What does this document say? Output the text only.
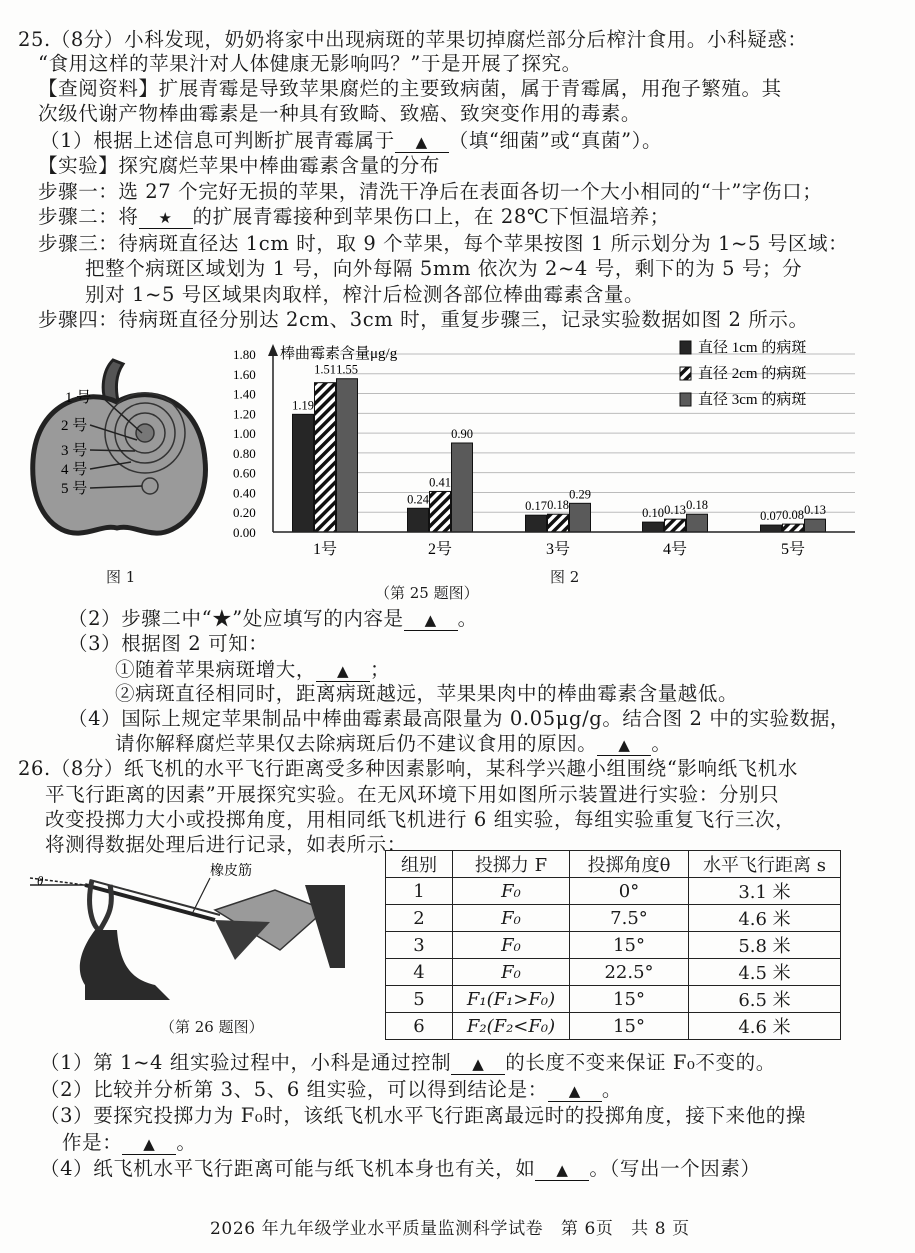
25.（8分）小科发现，奶奶将家中出现病斑的苹果切掉腐烂部分后榨汁食用。小科疑惑：
“食用这样的苹果汁对人体健康无影响吗？”于是开展了探究。
【查阅资料】扩展青霉是导致苹果腐烂的主要致病菌，属于青霉属，用孢子繁殖。其
次级代谢产物棒曲霉素是一种具有致畸、致癌、致突变作用的毒素。
（1）根据上述信息可判断扩展青霉属于 ▲ （填“细菌”或“真菌”）。
【实验】探究腐烂苹果中棒曲霉素含量的分布
步骤一：选 27 个完好无损的苹果，清洗干净后在表面各切一个大小相同的“十”字伤口；
步骤二：将 ★ 的扩展青霉接种到苹果伤口上，在 28℃下恒温培养；
步骤三：待病斑直径达 1cm 时，取 9 个苹果，每个苹果按图 1 所示划分为 1~5 号区域：
把整个病斑区域划为 1 号，向外每隔 5mm 依次为 2~4 号，剩下的为 5 号；分
别对 1~5 号区域果肉取样，榨汁后检测各部位棒曲霉素含量。
步骤四：待病斑直径分别达 2cm、3cm 时，重复步骤三，记录实验数据如图 2 所示。
1 号
2 号
3 号
4 号
5 号
图 1
0.00
0.20
0.40
0.60
0.80
1.00
1.20
1.40
1.60
1.80
1.19
1.51 1.55
0.24
0.41
0.90
0.17 0.18
0.29
0.10 0.13 0.18
0.07 0.08 0.13
1号	2号	3号	4号	5号
棒曲霉素含量μg/g	直径 1cm 的病斑
直径 2cm 的病斑
直径 3cm 的病斑
图 2
（第 25 题图）
（2）步骤二中“★”处应填写的内容是 ▲ 。
（3）根据图 2 可知：
①随着苹果病斑增大， ▲ ；
②病斑直径相同时，距离病斑越远，苹果果肉中的棒曲霉素含量越低。
（4）国际上规定苹果制品中棒曲霉素最高限量为 0.05μg/g。结合图 2 中的实验数据，
请你解释腐烂苹果仅去除病斑后仍不建议食用的原因。 ▲ 。
26.（8分）纸飞机的水平飞行距离受多种因素影响，某科学兴趣小组围绕“影响纸飞机水
平飞行距离的因素”开展探究实验。在无风环境下用如图所示装置进行实验：分别只
改变投掷力大小或投掷角度，用相同纸飞机进行 6 组实验，每组实验重复飞行三次，
将测得数据处理后进行记录，如表所示：
橡皮筋
θ
（第 26 题图）
组别	投掷力 F	投掷角度θ	水平飞行距离 s
1	F₀	0°	3.1 米
2	F₀	7.5°	4.6 米
3	F₀	15°	5.8 米
4	F₀	22.5°	4.5 米
5	F₁(F₁>F₀)	15°	6.5 米
6	F₂(F₂<F₀)	15°	4.6 米
（1）第 1~4 组实验过程中，小科是通过控制 ▲ 的长度不变来保证 F₀不变的。
（2）比较并分析第 3、5、6 组实验，可以得到结论是： ▲ 。
（3）要探究投掷力为 F₀时，该纸飞机水平飞行距离最远时的投掷角度，接下来他的操
作是： ▲ 。
（4）纸飞机水平飞行距离可能与纸飞机本身也有关，如 ▲ 。（写出一个因素）
2026 年九年级学业水平质量监测科学试卷　第 6页　共 8 页
